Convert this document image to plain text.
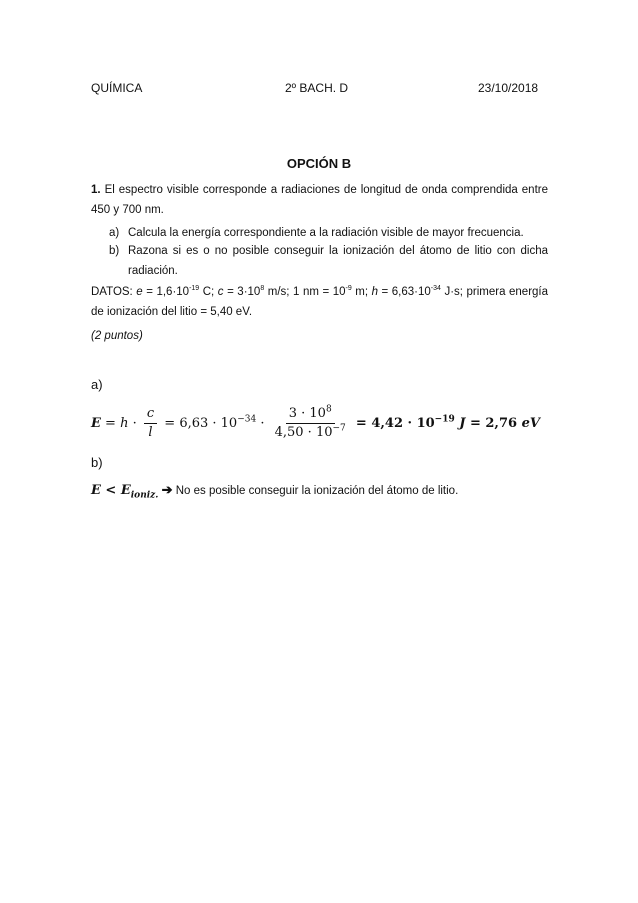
QUÍMICA	2º BACH. D	23/10/2018
OPCIÓN B
1. El espectro visible corresponde a radiaciones de longitud de onda comprendida entre 450 y 700 nm.
a) Calcula la energía correspondiente a la radiación visible de mayor frecuencia.
b) Razona si es o no posible conseguir la ionización del átomo de litio con dicha radiación.
DATOS: $e = 1,6\cdot 10^{-19}$ C; $c = 3\cdot 10^8$ m/s; 1 nm = $10^{-9}$ m; $h = 6,63\cdot 10^{-34}$ J·s; primera energía de ionización del litio = 5,40 eV.
(2 puntos)
a)
$E = h \cdot \frac{c}{l} = 6,63 \cdot 10^{-34} \cdot \frac{3 \cdot 10^8}{4,50 \cdot 10^{-7}} = 4,42 \cdot 10^{-19}$ J = 2,76 eV
b)
$E < E_{ioniz.}$ ➔ No es posible conseguir la ionización del átomo de litio.
